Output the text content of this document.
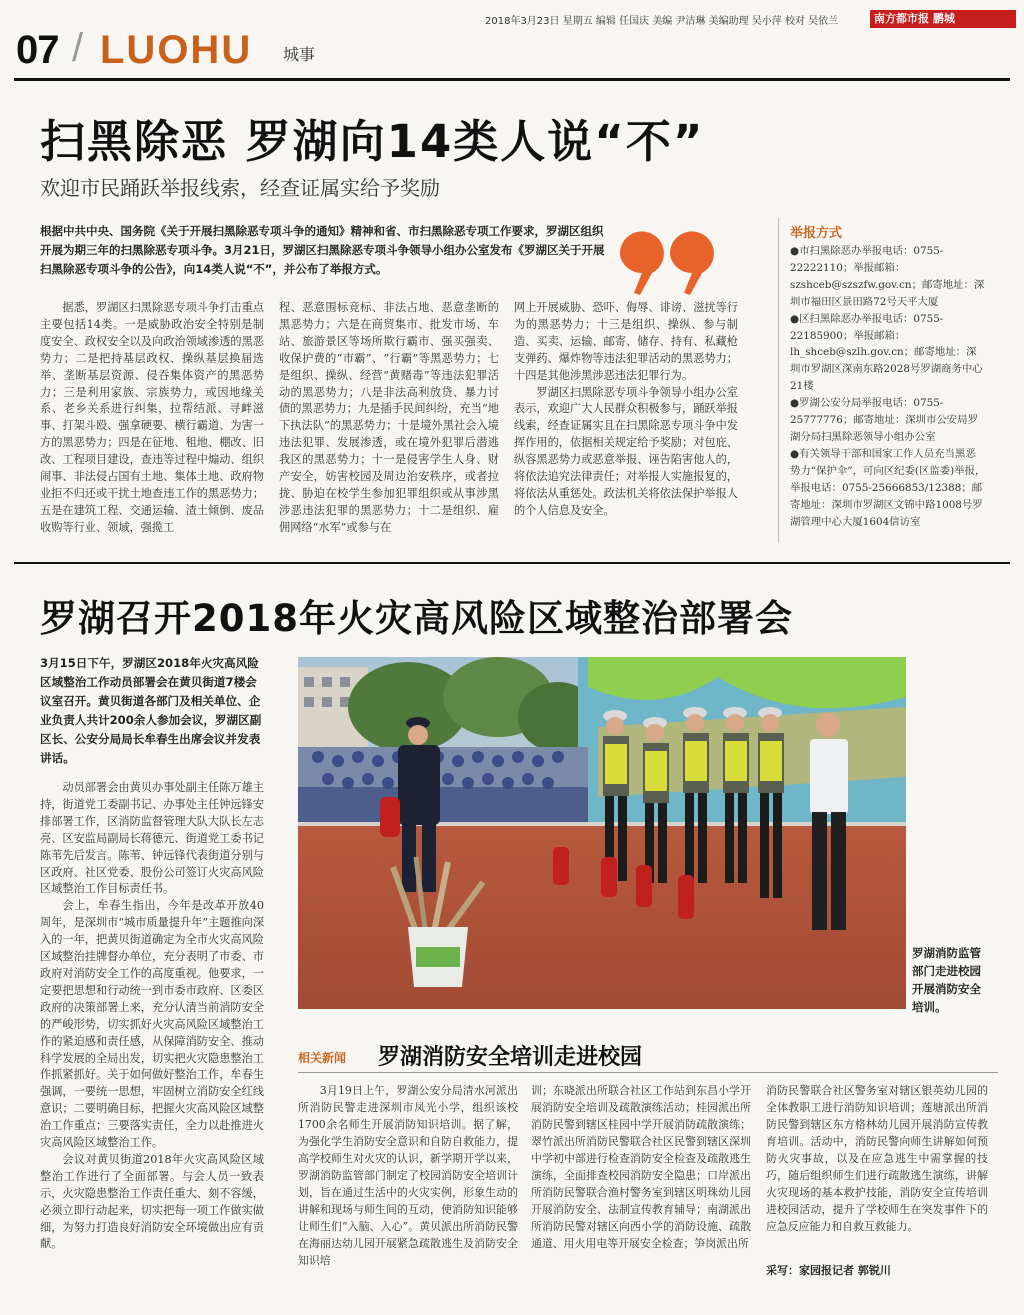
2018年3月23日 星期五 编辑 任国庆 美编 尹洁琳 美编助理 吴小萍 校对 吴依兰	南方都市报 鹏城
07 / LUOHU 城事
扫黑除恶 罗湖向14类人说“不”
欢迎市民踊跃举报线索，经查证属实给予奖励
根据中共中央、国务院《关于开展扫黑除恶专项斗争的通知》精神和省、市扫黑除恶专项工作要求，罗湖区组织开展为期三年的扫黑除恶专项斗争。3月21日，罗湖区扫黑除恶专项斗争领导小组办公室发布《罗湖区关于开展扫黑除恶专项斗争的公告》，向14类人说“不”，并公布了举报方式。

据悉，罗湖区扫黑除恶专项斗争打击重点主要包括14类。一是威胁政治安全特别是制度安全、政权安全以及向政治领域渗透的黑恶势力；二是把持基层政权、操纵基层换届选举、垄断基层资源、侵吞集体资产的黑恶势力；三是利用家族、宗族势力，或因地缘关系、老乡关系进行纠集，拉帮结派、寻衅滋事、打架斗殴、强拿硬要、横行霸道、为害一方的黑恶势力；四是在征地、租地、棚改、旧改、工程项目建设，查违等过程中煽动、组织闹事、非法侵占国有土地、集体土地、政府物业拒不归还或干扰土地查违工作的黑恶势力；五是在建筑工程、交通运输、渣土倾倒、废品收购等行业、领域，强揽工

程、恶意围标竞标、非法占地、恶意垄断的黑恶势力；六是在商贸集市、批发市场、车站、旅游景区等场所欺行霸市、强买强卖、收保护费的“市霸”、“行霸”等黑恶势力；七是组织、操纵、经营“黄赌毒”等违法犯罪活动的黑恶势力；八是非法高利放贷、暴力讨债的黑恶势力；九是插手民间纠纷，充当“地下执法队”的黑恶势力；十是境外黑社会入境违法犯罪、发展渗透，或在境外犯罪后潜逃我区的黑恶势力；十一是侵害学生人身、财产安全，妨害校园及周边治安秩序，或者拉拢、胁迫在校学生参加犯罪组织或从事涉黑涉恶违法犯罪的黑恶势力；十二是组织、雇佣网络“水军”或参与在

网上开展威胁、恐吓、侮辱、诽谤、滋扰等行为的黑恶势力；十三是组织、操纵、参与制造、买卖、运输、邮寄、储存、持有、私藏枪支弹药、爆炸物等违法犯罪活动的黑恶势力；十四是其他涉黑涉恶违法犯罪行为。

罗湖区扫黑除恶专项斗争领导小组办公室表示，欢迎广大人民群众积极参与，踊跃举报线索，经查证属实且在扫黑除恶专项斗争中发挥作用的，依据相关规定给予奖励；对包庇、纵容黑恶势力或恶意举报、诬告陷害他人的，将依法追究法律责任；对举报人实施报复的，将依法从重惩处。政法机关将依法保护举报人的个人信息及安全。

举报方式
●市扫黑除恶办举报电话：0755-22222110；举报邮箱：szshceb@szszfw.gov.cn；邮寄地址：深圳市福田区景田路72号天平大厦
●区扫黑除恶办举报电话：0755-22185900；举报邮箱：lh_shceb@szlh.gov.cn；邮寄地址：深圳市罗湖区深南东路2028号罗湖商务中心21楼
●罗湖公安分局举报电话：0755-25777776；邮寄地址：深圳市公安局罗湖分局扫黑除恶领导小组办公室
●有关领导干部和国家工作人员充当黑恶势力“保护伞”，可向区纪委(区监委)举报，举报电话：0755-25666853/12388；邮寄地址：深圳市罗湖区文锦中路1008号罗湖管理中心大厦1604信访室
罗湖召开2018年火灾高风险区域整治部署会
3月15日下午，罗湖区2018年火灾高风险区域整治工作动员部署会在黄贝街道7楼会议室召开。黄贝街道各部门及相关单位、企业负责人共计200余人参加会议，罗湖区副区长、公安分局局长牟春生出席会议并发表讲话。

动员部署会由黄贝办事处副主任陈万雄主持，街道党工委副书记、办事处主任钟远锋安排部署工作，区消防监督管理大队大队长左志亮、区安监局副局长蒋德元、街道党工委书记陈苇先后发言。陈苇、钟远锋代表街道分别与区政府、社区党委、股份公司签订火灾高风险区域整治工作目标责任书。

会上，牟春生指出，今年是改革开放40周年，是深圳市“城市质量提升年”主题推向深入的一年，把黄贝街道确定为全市火灾高风险区域整治挂牌督办单位，充分表明了市委、市政府对消防安全工作的高度重视。他要求，一定要把思想和行动统一到市委市政府、区委区政府的决策部署上来，充分认清当前消防安全的严峻形势，切实抓好火灾高风险区域整治工作的紧迫感和责任感，从保障消防安全、推动科学发展的全局出发，切实把火灾隐患整治工作抓紧抓好。关于如何做好整治工作，牟春生强调，一要统一思想，牢固树立消防安全红线意识；二要明确目标，把握火灾高风险区域整治工作重点；三要落实责任，全力以赴推进火灾高风险区域整治工作。

会议对黄贝街道2018年火灾高风险区域整治工作进行了全面部署。与会人员一致表示，火灾隐患整治工作责任重大、刻不容缓，必须立即行动起来，切实把每一项工作做实做细，为努力打造良好消防安全环境做出应有贡献。

罗湖消防监管部门走进校园开展消防安全培训。
相关新闻 罗湖消防安全培训走进校园

3月19日上午，罗湖公安分局清水河派出所消防民警走进深圳市凤光小学，组织该校1700余名师生开展消防知识培训。据了解，为强化学生消防安全意识和自防自救能力，提高学校师生对火灾的认识，新学期开学以来，罗湖消防监管部门制定了校园消防安全培训计划，旨在通过生活中的火灾实例，形象生动的讲解和现场与师生间的互动，使消防知识能够让师生们“入脑、入心”。黄贝派出所消防民警在海丽达幼儿园开展紧急疏散逃生及消防安全知识培

训；东晓派出所联合社区工作站到东昌小学开展消防安全培训及疏散演练活动；桂园派出所消防民警到辖区桂园中学开展消防疏散演练；翠竹派出所消防民警联合社区民警到辖区深圳中学初中部进行检查消防安全检查及疏散逃生演练，全面排查校园消防安全隐患；口岸派出所消防民警联合渔村警务室到辖区明珠幼儿园开展消防安全、法制宣传教育辅导；南湖派出所消防民警对辖区向西小学的消防设施、疏散通道、用火用电等开展安全检查；笋岗派出所

消防民警联合社区警务室对辖区银英幼儿园的全体教职工进行消防知识培训；莲塘派出所消防民警到辖区东方格林幼儿园开展消防宣传教育培训。活动中，消防民警向师生讲解如何预防火灾事故，以及在应急逃生中需掌握的技巧，随后组织师生们进行疏散逃生演练，讲解火灾现场的基本救护技能，消防安全宣传培训进校园活动，提升了学校师生在突发事件下的应急反应能力和自救互救能力。

采写：家园报记者 郭锐川
